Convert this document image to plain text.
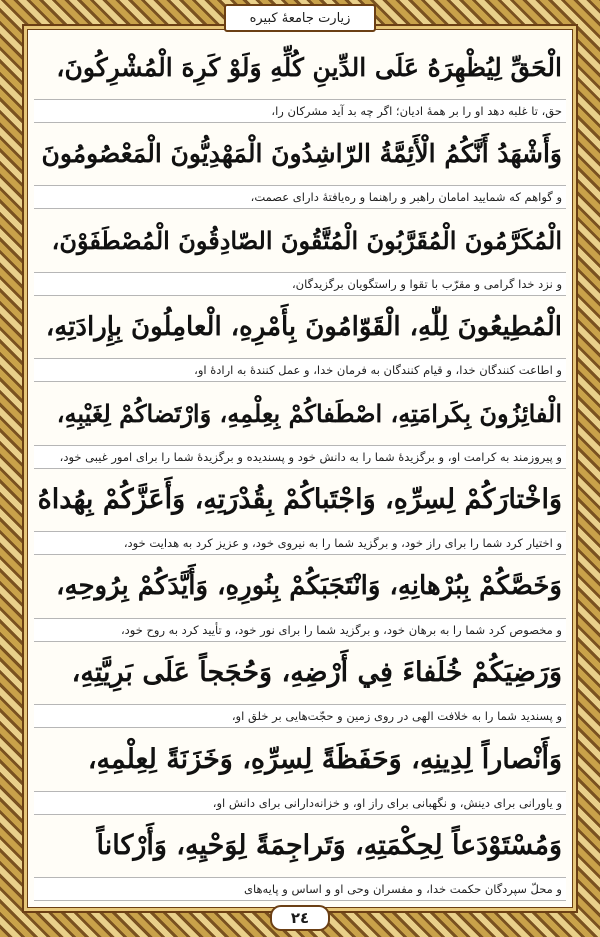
زیارت جامعهٔ کبیره
الْحَقِّ لِيُظْهِرَهُ عَلَى الدِّينِ كُلِّهِ وَلَوْ كَرِهَ الْمُشْرِكُونَ،
حق، تا غلبه دهد او را بر همهٔ ادیان؛ اگر چه بد آید مشرکان را،
وَأَشْهَدُ أَنَّكُمُ الْأَئِمَّةُ الرّاشِدُونَ الْمَهْدِيُّونَ الْمَعْصُومُونَ
و گواهم که شمایید امامان راهبر و راهنما و ره‌یافتهٔ دارای عصمت،
الْمُكَرَّمُونَ الْمُقَرَّبُونَ الْمُتَّقُونَ الصّادِقُونَ الْمُصْطَفَوْنَ،
و نزد خدا گرامی و مقرّب با تقوا و راستگویان برگزیدگان،
الْمُطِيعُونَ لِلّٰهِ، الْقَوّامُونَ بِأَمْرِهِ، الْعامِلُونَ بِإِرادَتِهِ،
و اطاعت کنندگان خدا، و قیام کنندگان به فرمان خدا، و عمل کنندهٔ به ارادهٔ او،
الْفائِزُونَ بِكَرامَتِهِ، اصْطَفاكُمْ بِعِلْمِهِ، وَارْتَضاكُمْ لِغَيْبِهِ،
و پیروزمند به کرامت او، و برگزیدهٔ شما را به دانش خود و پسندیده و برگزیدهٔ شما را برای امور غیبی خود،
وَاخْتارَكُمْ لِسِرِّهِ، وَاجْتَباكُمْ بِقُدْرَتِهِ، وَأَعَزَّكُمْ بِهُداهُ
و اختیار کرد شما را برای راز خود، و برگزید شما را به نیروی خود، و عزیز کرد به هدایت خود،
وَخَصَّكُمْ بِبُرْهانِهِ، وَانْتَجَبَكُمْ بِنُورِهِ، وَأَيَّدَكُمْ بِرُوحِهِ،
و مخصوص کرد شما را به برهان خود، و برگزید شما را برای نور خود، و تأیید کرد به روح خود،
وَرَضِيَكُمْ خُلَفاءَ فِي أَرْضِهِ، وَحُجَجاً عَلَى بَرِيَّتِهِ،
و پسندید شما را به خلافت الهی در روی زمین و حجّت‌هایی بر خلق او،
وَأَنْصاراً لِدِينِهِ، وَحَفَظَةً لِسِرِّهِ، وَخَزَنَةً لِعِلْمِهِ،
و یاورانی برای دینش، و نگهبانی برای راز او، و خزانه‌دارانی برای دانش او،
وَمُسْتَوْدَعاً لِحِكْمَتِهِ، وَتَراجِمَةً لِوَحْيِهِ، وَأَرْكاناً
و محلّ سپردگان حکمت خدا، و مفسران وحی او و اساس و پایه‌های
٢٤
